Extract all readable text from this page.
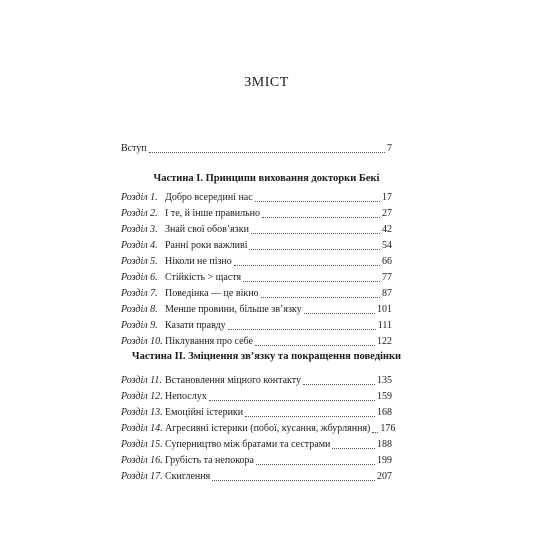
ЗМІСТ
Вступ	7
Частина І. Принципи виховання докторки Бекі
Розділ 1. Добро всередині нас	17
Розділ 2. І те, й інше правильно	27
Розділ 3. Знай свої обов’язки	42
Розділ 4. Ранні роки важливі	54
Розділ 5. Ніколи не пізно	66
Розділ 6. Стійкість > щастя	77
Розділ 7. Поведінка — це вікно	87
Розділ 8. Менше провини, більше зв’язку	101
Розділ 9. Казати правду	111
Розділ 10. Піклування про себе	122
Частина ІІ. Зміцнення зв’язку та покращення поведінки
Розділ 11. Встановлення міцного контакту	135
Розділ 12. Непослух	159
Розділ 13. Емоційні істерики	168
Розділ 14. Агресивні істерики (побої, кусання, жбурляння) 176
Розділ 15. Суперництво між братами та сестрами	188
Розділ 16. Грубість та непокора	199
Розділ 17. Скиглення	207
